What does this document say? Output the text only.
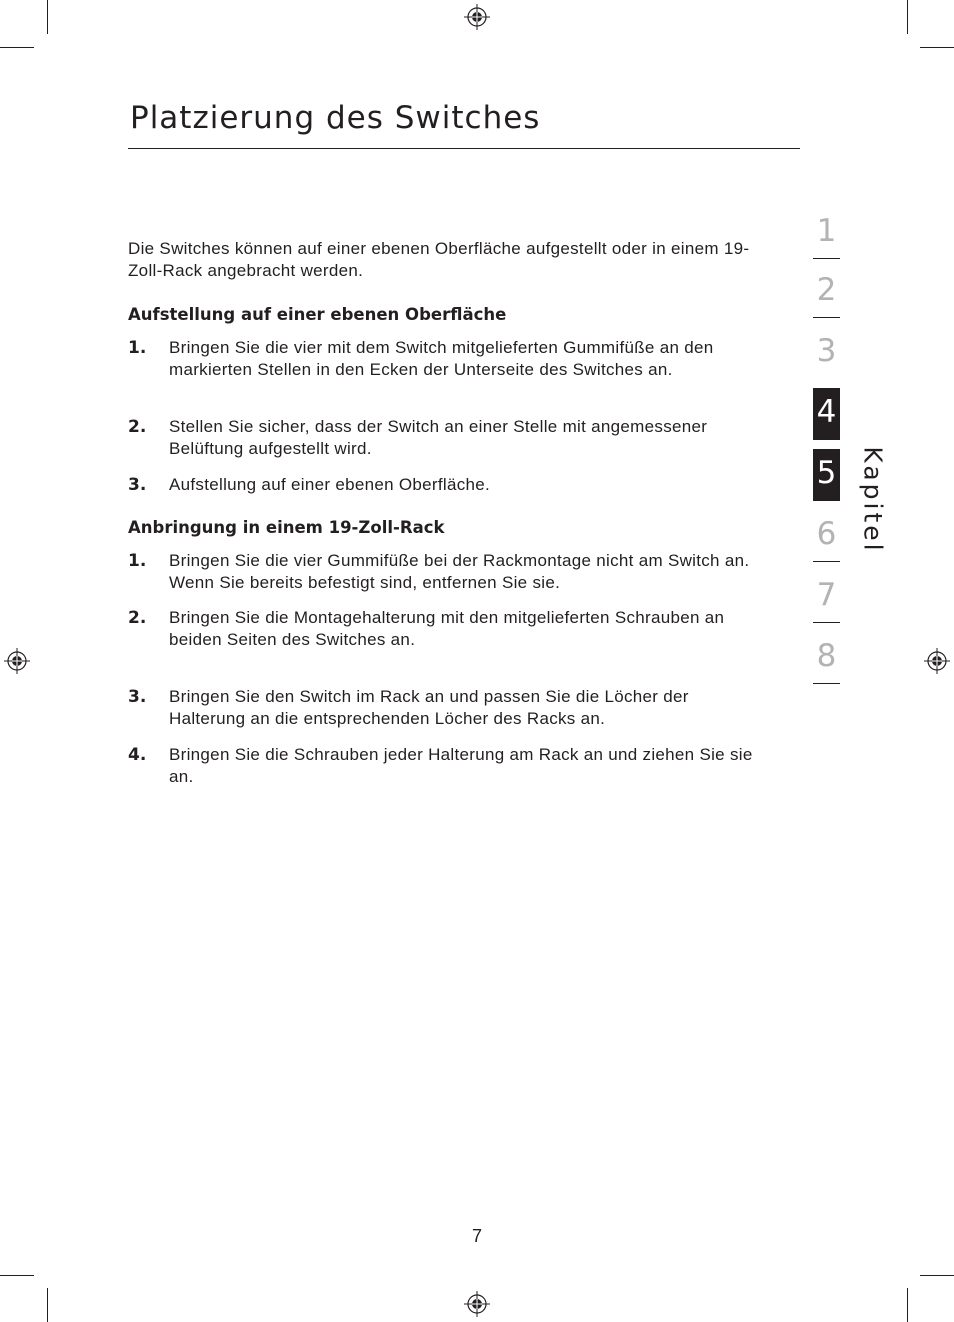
Platzierung des Switches

Die Switches können auf einer ebenen Oberfläche aufgestellt oder in einem 19-Zoll-Rack angebracht werden.

Aufstellung auf einer ebenen Oberfläche
1. Bringen Sie die vier mit dem Switch mitgelieferten Gummifüße an den markierten Stellen in den Ecken der Unterseite des Switches an.
2. Stellen Sie sicher, dass der Switch an einer Stelle mit angemessener Belüftung aufgestellt wird.
3. Aufstellung auf einer ebenen Oberfläche.
Anbringung in einem 19-Zoll-Rack
1. Bringen Sie die vier Gummifüße bei der Rackmontage nicht am Switch an. Wenn Sie bereits befestigt sind, entfernen Sie sie.
2. Bringen Sie die Montagehalterung mit den mitgelieferten Schrauben an beiden Seiten des Switches an.
3. Bringen Sie den Switch im Rack an und passen Sie die Löcher der Halterung an die entsprechenden Löcher des Racks an.
4. Bringen Sie die Schrauben jeder Halterung am Rack an und ziehen Sie sie an.
1
2
3
4
5
6
7
8
Kapitel
7
